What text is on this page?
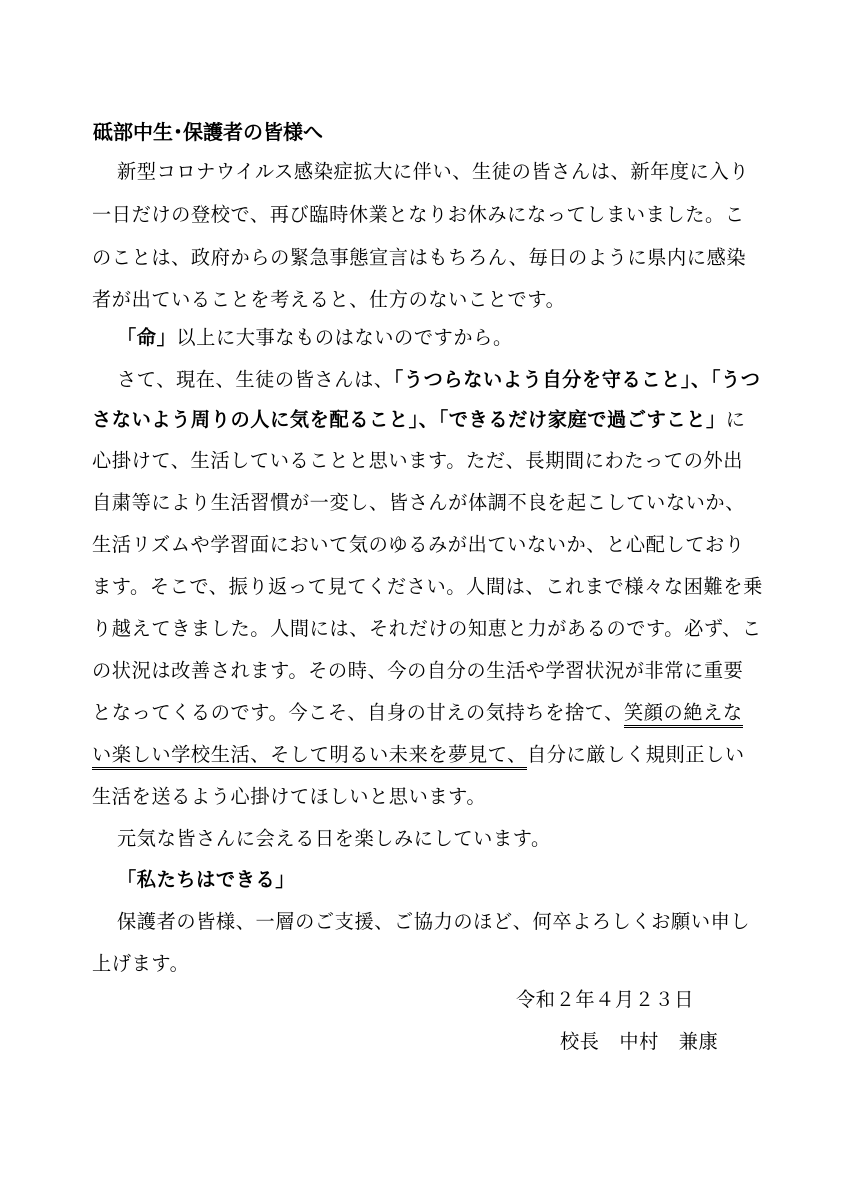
砥部中生･保護者の皆様へ
新型コロナウイルス感染症拡大に伴い、生徒の皆さんは、新年度に入り
一日だけの登校で、再び臨時休業となりお休みになってしまいました。こ
のことは、政府からの緊急事態宣言はもちろん、毎日のように県内に感染
者が出ていることを考えると、仕方のないことです。
「命」以上に大事なものはないのですから。
さて、現在、生徒の皆さんは、「うつらないよう自分を守ること」、「うつ
さないよう周りの人に気を配ること」、「できるだけ家庭で過ごすこと」に
心掛けて、生活していることと思います。ただ、長期間にわたっての外出
自粛等により生活習慣が一変し、皆さんが体調不良を起こしていないか、
生活リズムや学習面において気のゆるみが出ていないか、と心配しており
ます。そこで、振り返って見てください。人間は、これまで様々な困難を乗
り越えてきました。人間には、それだけの知恵と力があるのです。必ず、こ
の状況は改善されます。その時、今の自分の生活や学習状況が非常に重要
となってくるのです。今こそ、自身の甘えの気持ちを捨て、笑顔の絶えな
い楽しい学校生活、そして明るい未来を夢見て、自分に厳しく規則正しい
生活を送るよう心掛けてほしいと思います。
元気な皆さんに会える日を楽しみにしています。
「私たちはできる」
保護者の皆様、一層のご支援、ご協力のほど、何卒よろしくお願い申し
上げます。
令和２年４月２３日
校長　中村　兼康
